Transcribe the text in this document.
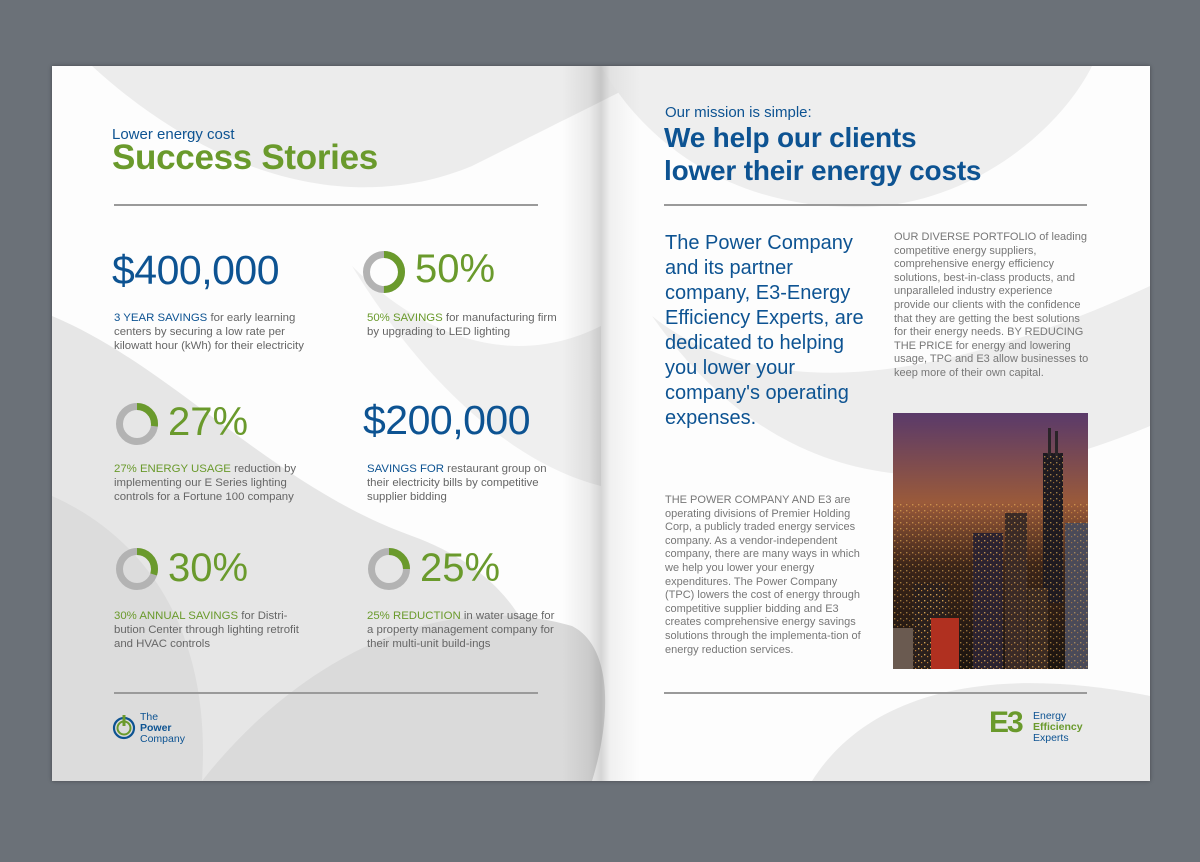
Lower energy cost
Success Stories
$400,000
3 YEAR SAVINGS for early learning centers by securing a low rate per kilowatt hour (kWh) for their electricity
50%
50% SAVINGS for manufacturing firm by upgrading to LED lighting
27%
27% ENERGY USAGE reduction by implementing our E Series lighting controls for a Fortune 100 company
$200,000
SAVINGS FOR restaurant group on their electricity bills by competitive supplier bidding
30%
30% ANNUAL SAVINGS for Distri-bution Center through lighting retrofit and HVAC controls
25%
25% REDUCTION in water usage for a property management company for their multi-unit build-ings
The
Power
Company
Our mission is simple:
We help our clients
lower their energy costs
The Power Company and its partner company, E3-Energy Efficiency Experts, are dedicated to helping you lower your company's operating expenses.
THE POWER COMPANY AND E3 are operating divisions of Premier Holding Corp, a publicly traded energy services company. As a vendor-independent company, there are many ways in which we help you lower your energy expenditures. The Power Company (TPC) lowers the cost of energy through competitive supplier bidding and E3 creates comprehensive energy savings solutions through the implementa-tion of energy reduction services.
OUR DIVERSE PORTFOLIO of leading competitive energy suppliers, comprehensive energy efficiency solutions, best-in-class products, and unparalleled industry experience provide our clients with the confidence that they are getting the best solutions for their energy needs. BY REDUCING THE PRICE for energy and lowering usage, TPC and E3 allow businesses to keep more of their own capital.
E3 Energy
Efficiency
Experts
